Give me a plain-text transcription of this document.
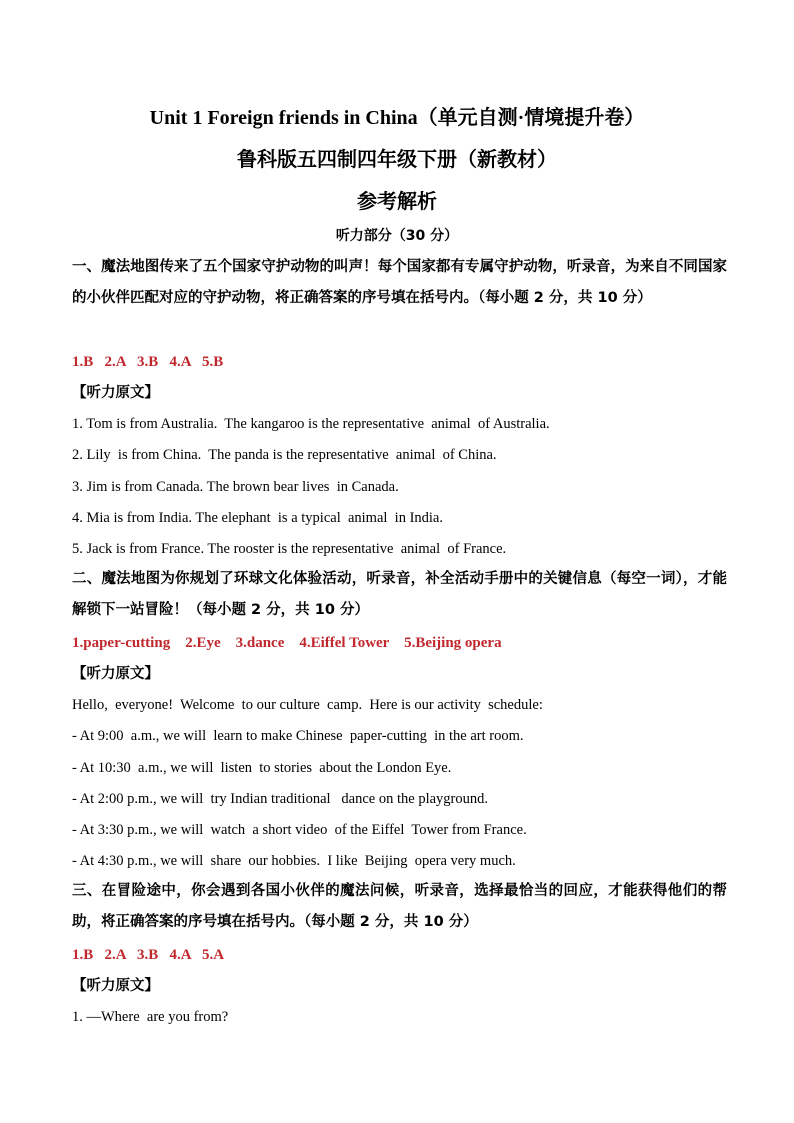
Unit 1 Foreign friends in China（单元自测·情境提升卷）
鲁科版五四制四年级下册（新教材）
参考解析
听力部分（30 分）
一、魔法地图传来了五个国家守护动物的叫声！每个国家都有专属守护动物，听录音，为来自不同国家的小伙伴匹配对应的守护动物，将正确答案的序号填在括号内。（每小题 2 分，共 10 分）
1.B   2.A   3.B   4.A   5.B
【听力原文】
1. Tom is from Australia.  The kangaroo is the representative  animal  of Australia.
2. Lily  is from China.  The panda is the representative  animal  of China.
3. Jim is from Canada. The brown bear lives  in Canada.
4. Mia is from India. The elephant  is a typical  animal  in India.
5. Jack is from France. The rooster is the representative  animal  of France.
二、魔法地图为你规划了环球文化体验活动，听录音，补全活动手册中的关键信息（每空一词），才能解锁下一站冒险！（每小题 2 分，共 10 分）
1.paper-cutting    2.Eye    3.dance    4.Eiffel Tower    5.Beijing opera
【听力原文】
Hello,  everyone!  Welcome  to our culture  camp.  Here is our activity  schedule:
- At 9:00  a.m., we will  learn to make Chinese  paper-cutting  in the art room.
- At 10:30  a.m., we will  listen  to stories  about the London Eye.
- At 2:00 p.m., we will  try Indian traditional   dance on the playground.
- At 3:30 p.m., we will  watch  a short video  of the Eiffel  Tower from France.
- At 4:30 p.m., we will  share  our hobbies.  I like  Beijing  opera very much.
三、在冒险途中，你会遇到各国小伙伴的魔法问候，听录音，选择最恰当的回应，才能获得他们的帮助，将正确答案的序号填在括号内。（每小题 2 分，共 10 分）
1.B   2.A   3.B   4.A   5.A
【听力原文】
1. —Where  are you from?
